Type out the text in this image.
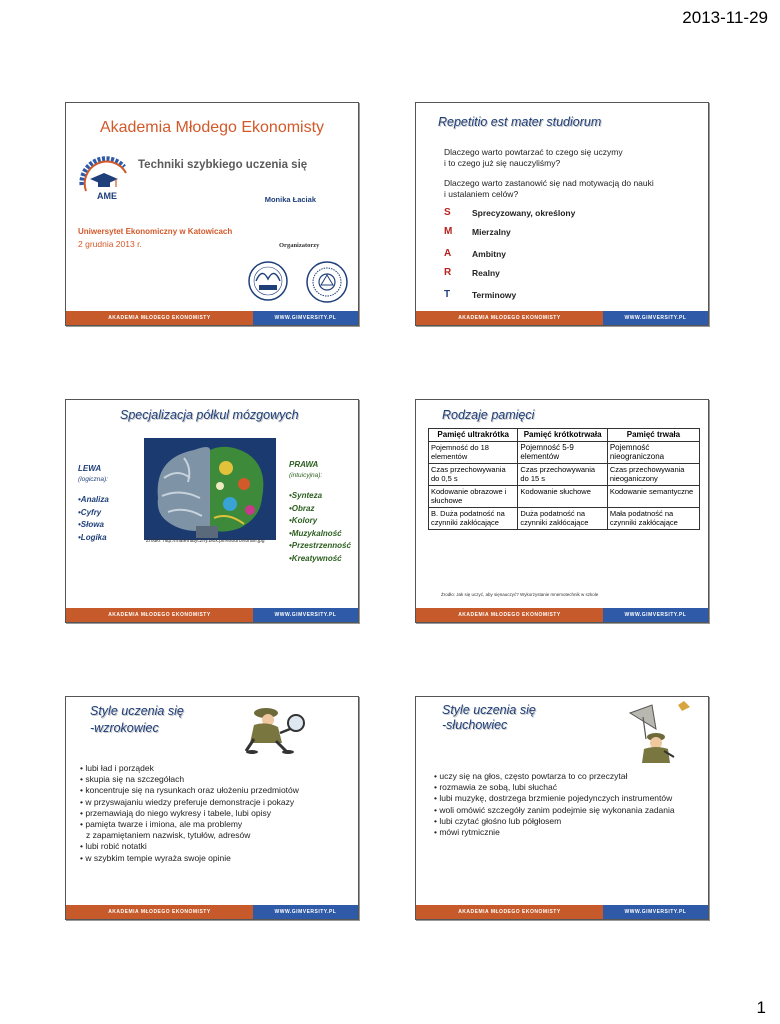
2013-11-29
Akademia Młodego Ekonomisty
AME
Techniki szybkiego uczenia się
Monika Łaciak
Uniwersytet Ekonomiczny w Katowicach
2 grudnia 2013 r.	Organizatorzy
AKADEMIA MŁODEGO EKONOMISTY	WWW.GIMVERSITY.PL
Repetitio est mater studiorum
Dlaczego warto powtarzać to czego się uczymy
i to czego już się nauczyliśmy?
Dlaczego warto zastanowić się nad motywacją do nauki
i ustalaniem celów?
S	Sprecyzowany, określony
M	Mierzalny
A	Ambitny
R	Realny
T	Terminowy
AKADEMIA MŁODEGO EKONOMISTY	WWW.GIMVERSITY.PL
Specjalizacja półkul mózgowych
LEWA
(logiczna):
•Analiza
•Cyfry
•Słowa
•Logika	Źródło: http://matematyczny.blox.pl/resource/brain.jpg
PRAWA
(intuicyjna):
•Synteza
•Obraz
•Kolory
•Muzykalność
•Przestrzenność
•Kreatywność
AKADEMIA MŁODEGO EKONOMISTY	WWW.GIMVERSITY.PL
Rodzaje pamięci
Pamięć ultrakrótka	Pamięć krótkotrwała	Pamięć trwała
Pojemność do 18 elementów	Pojemność 5-9 elementów	Pojemność nieograniczona
Czas przechowywania do 0,5 s	Czas przechowywania do 15 s	Czas przechowywania nieoganiczony
Kodowanie obrazowe i słuchowe	Kodowanie słuchowe	Kodowanie semantyczne
B. Duża podatność na czynniki zakłócające	Duża podatność na czynniki zakłócające	Mała podatność na czynniki zakłócające
Źrodło: Jak się uczyć, aby sięnauczyć? Wykorzystanie mnemotechnik w szkole
AKADEMIA MŁODEGO EKONOMISTY	WWW.GIMVERSITY.PL
Style uczenia się
-wzrokowiec
• lubi ład i porządek
• skupia się na szczegółach
• koncentruje się na rysunkach oraz ułożeniu przedmiotów
• w przyswajaniu wiedzy preferuje demonstracje i pokazy
• przemawiają do niego wykresy i tabele, lubi opisy
• pamięta twarze i imiona, ale ma problemy
z zapamiętaniem nazwisk, tytułów, adresów
• lubi robić notatki
• w szybkim tempie wyraża swoje opinie
AKADEMIA MŁODEGO EKONOMISTY	WWW.GIMVERSITY.PL
Style uczenia się
-słuchowiec
• uczy się na głos, często powtarza to co przeczytał
• rozmawia ze sobą, lubi słuchać
• lubi muzykę, dostrzega brzmienie pojedynczych instrumentów
• woli omówić szczegóły zanim podejmie się wykonania zadania
• lubi czytać głośno lub półgłosem
• mówi rytmicznie
AKADEMIA MŁODEGO EKONOMISTY	WWW.GIMVERSITY.PL
1
